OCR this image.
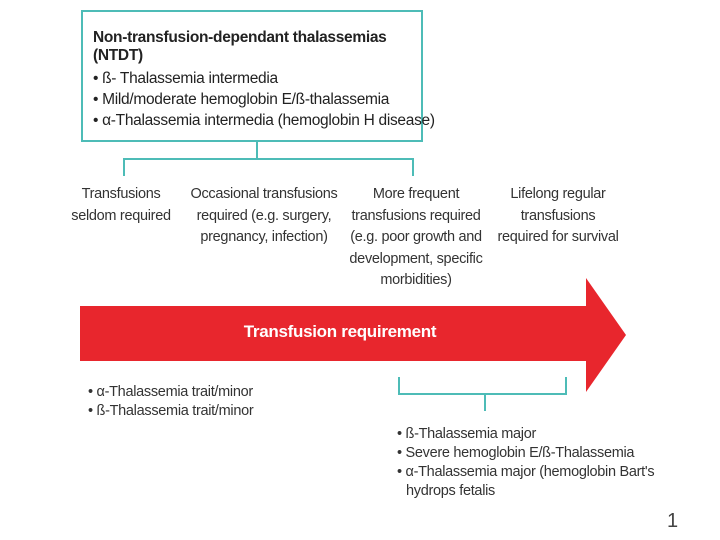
Non-transfusion-dependant thalassemias (NTDT)
• ß- Thalassemia intermedia
• Mild/moderate hemoglobin E/ß-thalassemia
• α-Thalassemia intermedia (hemoglobin H disease)
Transfusions
seldom required
Occasional transfusions
required (e.g. surgery,
pregnancy, infection)
More frequent
transfusions required
(e.g. poor growth and
development, specific
morbidities)
Lifelong regular
transfusions
required for survival
Transfusion requirement
• α-Thalassemia trait/minor
• ß-Thalassemia trait/minor
• ß-Thalassemia major
• Severe hemoglobin E/ß-Thalassemia
• α-Thalassemia major (hemoglobin Bart's
hydrops fetalis
1
